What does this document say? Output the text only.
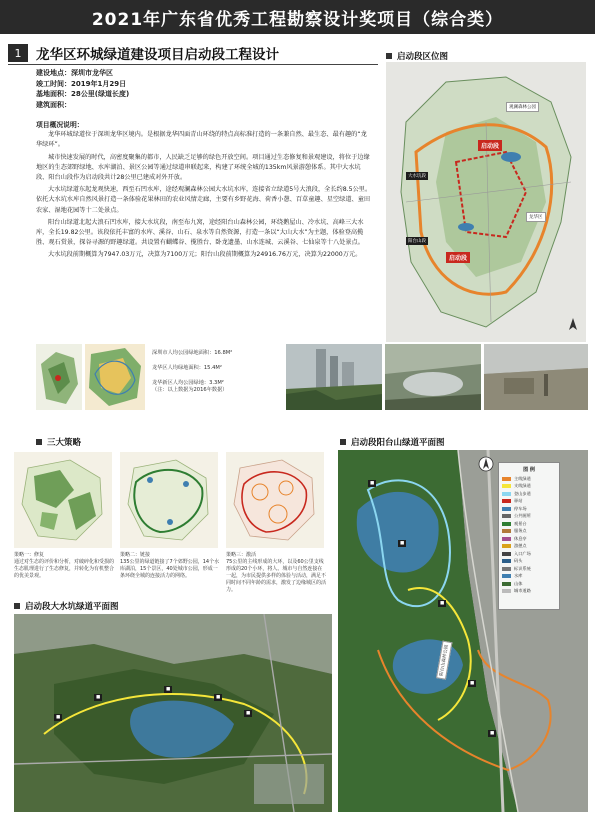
2021年广东省优秀工程勘察设计奖项目（综合类）
1	龙华区环城绿道建设项目启动段工程设计
建设地点： 深圳市龙华区
竣工时间： 2019年1月29日
基地面积： 28公里(绿道长度)
建筑面积：
项目概况说明：

龙华环城绿道位于深圳龙华区境内。是根据龙华四面青山环绕的特点高标准打造的一条兼自然、最生态、最有趣的“龙华绿环”。

城市快速发展的时代，高密度聚集的都市，人民缺乏足够的绿色开放空间。项目通过生态修复和景观建设，将位于边缘地区的生态郊野绿地、水库湖泊、景区公园等通过绿道串联起来，构建了环统全城的135km风景游憩体系。其中大水坑段、阳台山段作为启动段共计28公里已建成对外开放。

大水坑绿道东起龙观快速，西至石凹水库，途经观澜森林公园大水坑水库，连接省立绿道5号大浪段，全长约8.5公里。依托大水坑水库自然风景打造一条体验花果林田的农业风情走廊，主要有乡野花海、荷香小憩、百草童趣、星空绿道、童田农家、湿地花园等十二处景点。

阳台山绿道北起大浪石凹水库，接大水坑段，南至布九窝，途经阳台山森林公园，环绕鹅屋山、冷水坑、高峰三大水库，全长19.82公里。该段依托丰富的水库、溪谷、山石、泉水等自然资源，打造一条以“大山大水”为主题，体验登高揽胜、观石赏景，探谷寻源的野趣绿道。共设置有蝴蝶谷、揽胜台、卧龙遗墨、山水连城、云溪谷、七仙泉等十八处景点。

大水坑段前期概算为7947.03万元，决算为7100万元；阳台山段前期概算为24916.76万元，决算为22000万元。

启动段区位图
启动段
大水坑段
阳台山段
观澜森林公园
龙华区
启动段
深圳市人均公园绿地面积：16.8M²
龙华区人均绿地面积：15.4M²
龙华新区人均公园绿地：3.3M²
（注：以上数据为2016年数据）
三大策略
策略一：修复
通过对生态的评价和分析，对破碎化和受损的生态肌理进行了生态修复，并转化为有机整合的优美景观。
策略二：链接
135公里的绿道链接了7个郊野公园，14个水库湖泊，15个景区，40处城市公园，形成一条环绕全城的连接活力的网络。
策略三：激活
75公里的主线形成的大环，以及60公里支线形成的20个小环，将人、城市与自然连接在一起，为市民提供多样的体验与活动，满足不同时间不同年龄的需求，激发了边缘城区的活力。
启动段大水坑绿道平面图
■
■
■
■
■
启动段阳台山绿道平面图
阳台山森林公园
■
■
■
■
■
图 例
主线绿道
支线绿道
登山步道
驿站
停车场
公共厕所
观景台
服务点
休息亭
游憩点
入口广场
码头
标识系统
水库
山体
城市道路
